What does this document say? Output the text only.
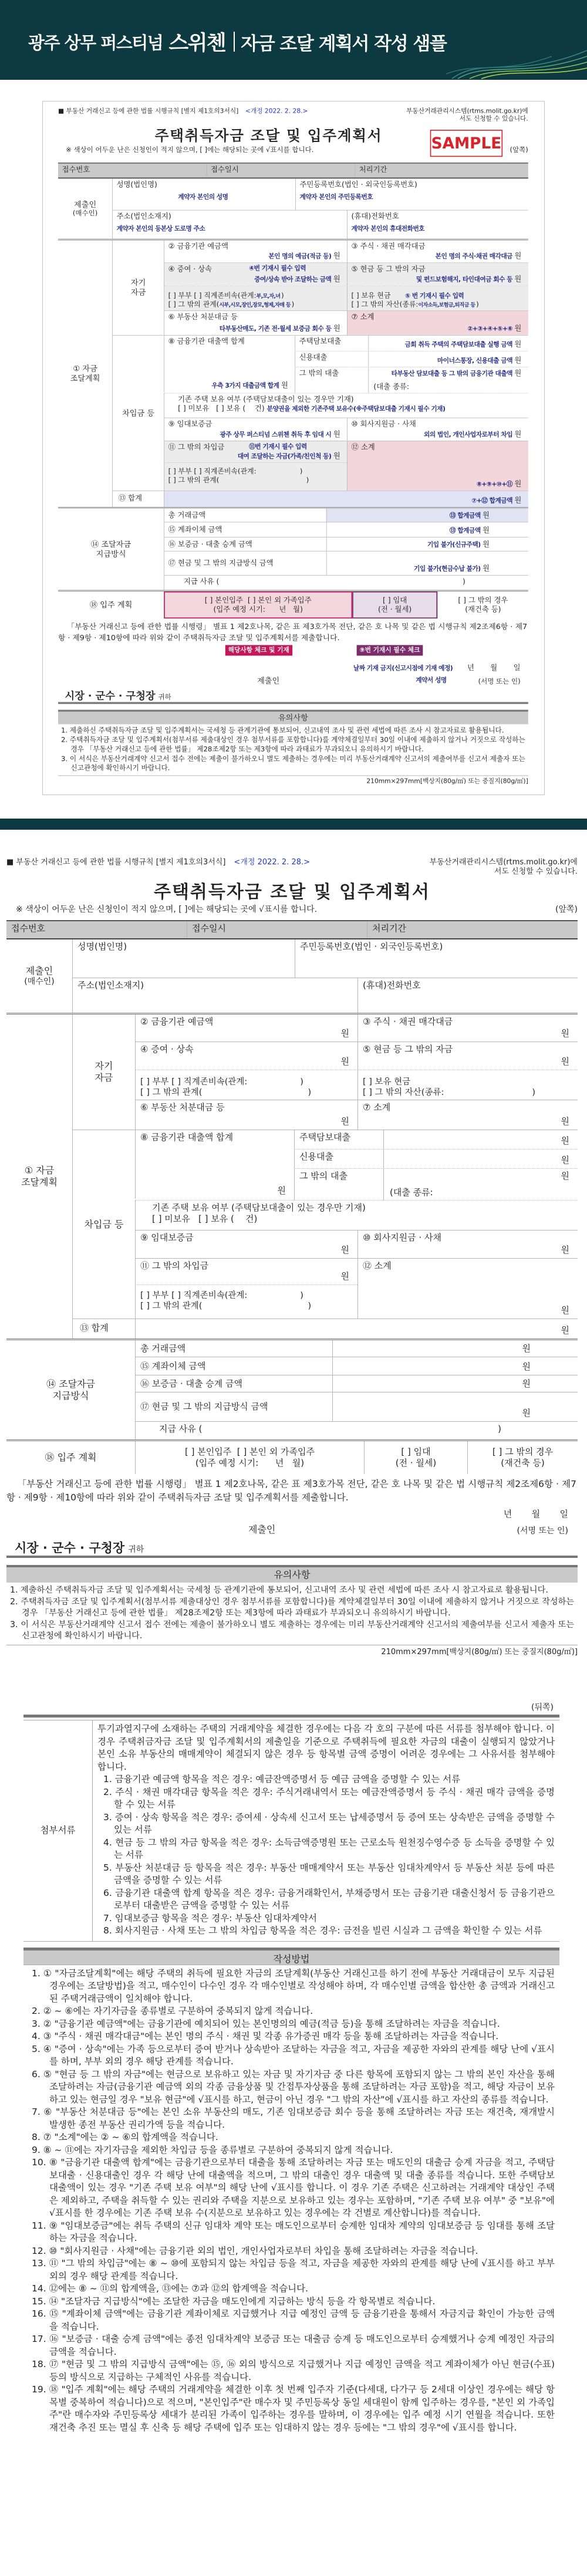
광주 상무 퍼스티넘 스위첸 자금 조달 계획서 작성 샘플
■ 부동산 거래신고 등에 관한 법률 시행규칙 [별지 제1호의3서식] <개정 2022. 2. 28.>	부동산거래관리시스템(rtms.molit.go.kr)에
서도 신청할 수 있습니다.
주택취득자금 조달 및 입주계획서	SAMPLE
※ 색상이 어두운 난은 신청인이 적지 않으며, [ ]에는 해당되는 곳에 √표시를 합니다.	(앞쪽)
접수번호	접수일시	처리기간
제출인
(매수인)
성명(법인명)
계약자 본인의 성명
주민등록번호(법인 · 외국인등록번호)
계약자 본인의 주민등록번호
주소(법인소재지)
계약자 본인의 등본상 도로명 주소
(휴대)전화번호
계약자 본인의 휴대전화번호
① 자금
조달계획
자기
자금
② 금융기관 예금액
본인 명의 예금(적금 등) 원
③ 주식 · 채권 매각대금
본인 명의 주식·채권 매각대금 원
④ 증여 · 상속	④번 기재시 필수 입력
증여/상속 받아 조달하는 금액 원
⑤ 현금 등 그 밖의 자금
및 펀드보험해지, 타인대여금 회수 등 원
[ ] 부부 [ ] 직계존비속(관계:부,모,자,녀 )
[ ] 그 밖의 관계(시부,시모,장인,장모,형제,자매 등 )
[ ] 보유 현금 ⑤ 번 기재시 필수 입력
[ ] 그 밖의 자산(종류:이자소득,보험금,퇴직금 등 )
⑥ 부동산 처분대금 등
타부동산매도, 기존 전·월세 보증금 회수 등 원
⑦ 소계
②+③+④+⑤+⑥ 원
차입금 등
⑧ 금융기관 대출액 합계
우측 3가지 대출금액 합계 원
주택담보대출	금회 취득 주택의 주택담보대출 실행 금액 원
신용대출	마이너스통장, 신용대출 금액 원
그 밖의 대출
(대출 종류:
타부동산 담보대출 등 그 밖의 금융기관 대출액 원
기존 주택 보유 여부 (주택담보대출이 있는 경우만 기재)
[ ] 미보유 [ ] 보유 ( 건) 분양권을 제외한 기존주택 보유수(※주택담보대출 기재시 필수 기재)
⑨ 임대보증금
광주 상무 퍼스티넘 스위첸 취득 후 임대 시 원
⑩ 회사지원금 · 사채
외의 법인, 개인사업자로부터 차입 원
⑪ 그 밖의 차입금	⑪번 기재시 필수 입력
대여 조달하는 자금(가족/친인척 등) 원
[ ] 부부 [ ] 직계존비속(관계:	)
[ ] 그 밖의 관계(	)
⑫ 소계
⑧+⑨+⑩+⑪ 원
⑬ 합계	⑦+⑫ 합계금액 원
⑭ 조달자금
지급방식
총 거래금액	⑬ 합계금액 원
⑮ 계좌이체 금액	⑬ 합계금액 원
⑯ 보증금 · 대출 승계 금액	기입 불가(신규주택) 원
⑰ 현금 및 그 밖의 지급방식 금액
기입 불가(현금수납 불가) 원
지급 사유 (	)
⑱ 입주 계획	[ ] 본인입주  [ ] 본인 외 가족입주
(입주 예정 시기:      년   월)
[ ] 임대
(전 · 월세)
[ ] 그 밖의 경우
(재건축 등)
「부동산 거래신고 등에 관한 법률 시행령」 별표 1 제2호나목, 같은 표 제3호가목 전단, 같은 호 나목 및 같은 법 시행규칙 제2조제6항 · 제7항 · 제9항 · 제10항에 따라 위와 같이 주택취득자금 조달 및 입주계획서를 제출합니다.
해당사항 체크 및 기재	⑨번 기재시 필수 체크
날짜 기재 금지(신고시점에 기재 예정) 년       월       일
제출인	계약서 성명	(서명 또는 인)
시장 · 군수 · 구청장 귀하
유의사항
1. 제출하신 주택취득자금 조달 및 입주계획서는 국세청 등 관계기관에 통보되어, 신고내역 조사 및 관련 세법에 따른 조사 시 참고자료로 활용됩니다.
2. 주택취득자금 조달 및 입주계획서(첨부서류 제출대상인 경우 첨부서류를 포함합니다)를 계약체결일부터 30일 이내에 제출하지 않거나 거짓으로 작성하는 경우 「부동산 거래신고 등에 관한 법률」 제28조제2항 또는 제3항에 따라 과태료가 부과되오니 유의하시기 바랍니다.
3. 이 서식은 부동산거래계약 신고서 접수 전에는 제출이 불가하오니 별도 제출하는 경우에는 미리 부동산거래계약 신고서의 제출여부를 신고서 제출자 또는 신고관청에 확인하시기 바랍니다.
210mm×297mm[백상지(80g/㎡) 또는 중질지(80g/㎡)]
■ 부동산 거래신고 등에 관한 법률 시행규칙 [별지 제1호의3서식] <개정 2022. 2. 28.>	부동산거래관리시스템(rtms.molit.go.kr)에
서도 신청할 수 있습니다.
주택취득자금 조달 및 입주계획서
※ 색상이 어두운 난은 신청인이 적지 않으며, [ ]에는 해당되는 곳에 √표시를 합니다.	(앞쪽)
접수번호	접수일시	처리기간
제출인
(매수인)
성명(법인명)	주민등록번호(법인 · 외국인등록번호)
주소(법인소재지)	(휴대)전화번호
① 자금
조달계획
자기
자금
② 금융기관 예금액
원
③ 주식 · 채권 매각대금
원
④ 증여 · 상속
원
⑤ 현금 등 그 밖의 자금
원
[ ] 부부 [ ] 직계존비속(관계:	)
[ ] 그 밖의 관계(	)
[ ] 보유 현금
[ ] 그 밖의 자산(종류:	)
⑥ 부동산 처분대금 등
원
⑦ 소계
원
차입금 등
⑧ 금융기관 대출액 합계
원
주택담보대출	원
신용대출	원
그 밖의 대출
(대출 종류:
원
기존 주택 보유 여부 (주택담보대출이 있는 경우만 기재)
[ ] 미보유 [ ] 보유 ( 건)
⑨ 임대보증금
원
⑩ 회사지원금 · 사채
원
⑪ 그 밖의 차입금
원
[ ] 부부 [ ] 직계존비속(관계:	)
[ ] 그 밖의 관계(	)
⑫ 소계
원
⑬ 합계	원
⑭ 조달자금
지급방식
총 거래금액	원
⑮ 계좌이체 금액	원
⑯ 보증금 · 대출 승계 금액	원
⑰ 현금 및 그 밖의 지급방식 금액
원
지급 사유 (	)
⑱ 입주 계획	[ ] 본인입주  [ ] 본인 외 가족입주
(입주 예정 시기:      년   월)
[ ] 임대
(전 · 월세)
[ ] 그 밖의 경우
(재건축 등)
「부동산 거래신고 등에 관한 법률 시행령」 별표 1 제2호나목, 같은 표 제3호가목 전단, 같은 호 나목 및 같은 법 시행규칙 제2조제6항 · 제7항 · 제9항 · 제10항에 따라 위와 같이 주택취득자금 조달 및 입주계획서를 제출합니다.
년       월       일
제출인	(서명 또는 인)
시장 · 군수 · 구청장 귀하
유의사항
1. 제출하신 주택취득자금 조달 및 입주계획서는 국세청 등 관계기관에 통보되어, 신고내역 조사 및 관련 세법에 따른 조사 시 참고자료로 활용됩니다.
2. 주택취득자금 조달 및 입주계획서(첨부서류 제출대상인 경우 첨부서류를 포함합니다)를 계약체결일부터 30일 이내에 제출하지 않거나 거짓으로 작성하는 경우 「부동산 거래신고 등에 관한 법률」 제28조제2항 또는 제3항에 따라 과태료가 부과되오니 유의하시기 바랍니다.
3. 이 서식은 부동산거래계약 신고서 접수 전에는 제출이 불가하오니 별도 제출하는 경우에는 미리 부동산거래계약 신고서의 제출여부를 신고서 제출자 또는 신고관청에 확인하시기 바랍니다.
210mm×297mm[백상지(80g/㎡) 또는 중질지(80g/㎡)]
(뒤쪽)
첨부서류
투기과열지구에 소재하는 주택의 거래계약을 체결한 경우에는 다음 각 호의 구분에 따른 서류를 첨부해야 합니다. 이 경우 주택취금자금 조달 및 입주계획서의 제출일을 기준으로 주택취득에 필요한 자금의 대출이 실행되지 않았거나 본인 소유 부동산의 매매계약이 체결되지 않은 경우 등 항목별 금액 증명이 어려운 경우에는 그 사유서를 첨부해야 합니다.
1. 금융기관 예금액 항목을 적은 경우: 예금잔액증명서 등 예금 금액을 증명할 수 있는 서류
2. 주식 · 채권 매각대금 항목을 적은 경우: 주식거래내역서 또는 예금잔액증명서 등 주식 · 채권 매각 금액을 증명할 수 있는 서류
3. 증여 · 상속 항목을 적은 경우: 증여세 · 상속세 신고서 또는 납세증명서 등 증여 또는 상속받은 금액을 증명할 수 있는 서류
4. 현금 등 그 밖의 자금 항목을 적은 경우: 소득금액증명원 또는 근로소득 원천징수영수증 등 소득을 증명할 수 있는 서류
5. 부동산 처분대금 등 항목을 적은 경우: 부동산 매매계약서 또는 부동산 임대차계약서 등 부동산 처분 등에 따른 금액을 증명할 수 있는 서류
6. 금융기관 대출액 합계 항목을 적은 경우: 금융거래확인서, 부채증명서 또는 금융기관 대출신청서 등 금융기관으로부터 대출받은 금액을 증명할 수 있는 서류
7. 임대보증금 항목을 적은 경우: 부동산 임대차계약서
8. 회사지원금 · 사채 또는 그 밖의 차입금 항목을 적은 경우: 금전을 빌린 시실과 그 금액을 확인할 수 있는 서류
작성방법
1. ① "자금조달계획"에는 해당 주택의 취득에 필요한 자금의 조달계획(부동산 거래신고를 하기 전에 부동산 거래대금이 모두 지급된 경우에는 조달방법)을 적고, 매수인이 다수인 경우 각 매수인별로 작성해야 하며, 각 매수인별 금액을 합산한 총 금액과 거래신고된 주택거래금액이 일치해야 합니다.
2. ② ~ ⑥에는 자기자금을 종류별로 구분하여 중복되지 않게 적습니다.
3. ② "금융기관 예금액"에는 금융기관에 예치되어 있는 본인명의의 예금(적금 등)을 통해 조달하려는 자금을 적습니다.
4. ③ "주식 · 채권 매각대금"에는 본인 명의 주식 · 채권 및 각종 유가증권 매각 등을 통해 조달하려는 자금을 적습니다.
5. ④ "증여 · 상속"에는 가족 등으로부터 증여 받거나 상속받아 조달하는 자금을 적고, 자금을 제공한 자와의 관계를 해당 난에 √표시를 하며, 부부 외의 경우 해당 관계를 적습니다.
6. ⑤ "현금 등 그 밖의 자금"에는 현금으로 보유하고 있는 자금 및 자기자금 중 다른 항목에 포함되지 않는 그 밖의 본인 자산을 통해 조달하려는 자금(금융기관 예금액 외의 각종 금융상품 및 간접투자상품을 통해 조달하려는 자금 포함)을 적고, 해당 자금이 보유하고 있는 현금일 경우 "보유 현금"에 √표시를 하고, 현금이 아닌 경우 "그 밖의 자산"에 √표시를 하고 자산의 종류를 적습니다.
7. ⑥ "부동산 처분대금 등"에는 본인 소유 부동산의 매도, 기존 임대보증금 회수 등을 통해 조달하려는 자금 또는 재건축, 재개발시 발생한 종전 부동산 권리가액 등을 적습니다.
8. ⑦ "소계"에는 ② ~ ⑥의 합계액을 적습니다.
9. ⑧ ~ ⑪에는 자기자금을 제외한 차입금 등을 종류별로 구분하여 중복되지 않게 적습니다.
10. ⑧ "금융기관 대출액 합계"에는 금융기관으로부터 대출을 통해 조달하려는 자금 또는 매도인의 대출금 승계 자금을 적고, 주택담보대출 · 신용대출인 경우 각 해당 난에 대출액을 적으며, 그 밖의 대출인 경우 대출액 및 대출 종류를 적습니다. 또한 주택담보 대출액이 있는 경우 "기존 주택 보유 여부"의 해당 난에 √표시를 합니다. 이 경우 기존 주택은 신고하려는 거래계약 대상인 주택은 제외하고, 주택을 취득할 수 있는 권리와 주택을 지분으로 보유하고 있는 경우는 포함하며, "기존 주택 보유 여부" 중 "보유"에 √표시를 한 경우에는 기존 주택 보유 수(지분으로 보유하고 있는 경우에는 각 건별로 계산합니다)를 적습니다.
11. ⑨ "임대보증금"에는 취득 주택의 신규 임대차 계약 또는 매도인으로부터 승계한 임대차 계약의 임대보증금 등 임대를 통해 조달하는 자금을 적습니다.
12. ⑩ "회사지원금 · 사채"에는 금융기관 외의 법인, 개인사업자로부터 차입을 통해 조달하려는 자금을 적습니다.
13. ⑪ "그 밖의 차입금"에는 ⑧ ~ ⑩에 포함되지 않는 차입금 등을 적고, 자금을 제공한 자와의 관계를 해당 난에 √표시를 하고 부부 외의 경우 해당 관계를 적습니다.
14. ⑫에는 ⑧ ~ ⑪의 합계액을, ⑬에는 ⑦과 ⑫의 합계액을 적습니다.
15. ⑭ "조달자금 지급방식"에는 조달한 자금을 매도인에게 지급하는 방식 등을 각 항목별로 적습니다.
16. ⑮ "계좌이체 금액"에는 금융기관 계좌이체로 지급했거나 지급 예정인 금액 등 금융기관을 통해서 자금지급 확인이 가능한 금액을 적습니다.
17. ⑯ "보증금 · 대출 승계 금액"에는 종전 임대차계약 보증금 또는 대출금 승계 등 매도인으로부터 승계했거나 승계 예정인 자금의 금액을 적습니다.
18. ⑰ "현금 및 그 밖의 지급방식 금액"에는 ⑮, ⑯ 외의 방식으로 지급했거나 지급 예정인 금액을 적고 계좌이체가 아닌 현금(수표) 등의 방식으로 지급하는 구체적인 사유를 적습니다.
19. ⑱ "입주 계획"에는 해당 주택의 거래계약을 체결한 이후 첫 번째 입주자 기준(다세대, 다가구 등 2세대 이상인 경우에는 해당 항목별 중복하여 적습니다)으로 적으며, "본인입주"란 매수자 및 주민등록상 동일 세대원이 함께 입주하는 경우를, "본인 외 가족입주"란 매수자와 주민등록상 세대가 분리된 가족이 입주하는 경우를 말하며, 이 경우에는 입주 예정 시기 연월을 적습니다. 또한 재건축 추진 또는 멸실 후 신축 등 해당 주택에 입주 또는 임대하지 않는 경우 등에는 "그 밖의 경우"에 √표시를 합니다.
